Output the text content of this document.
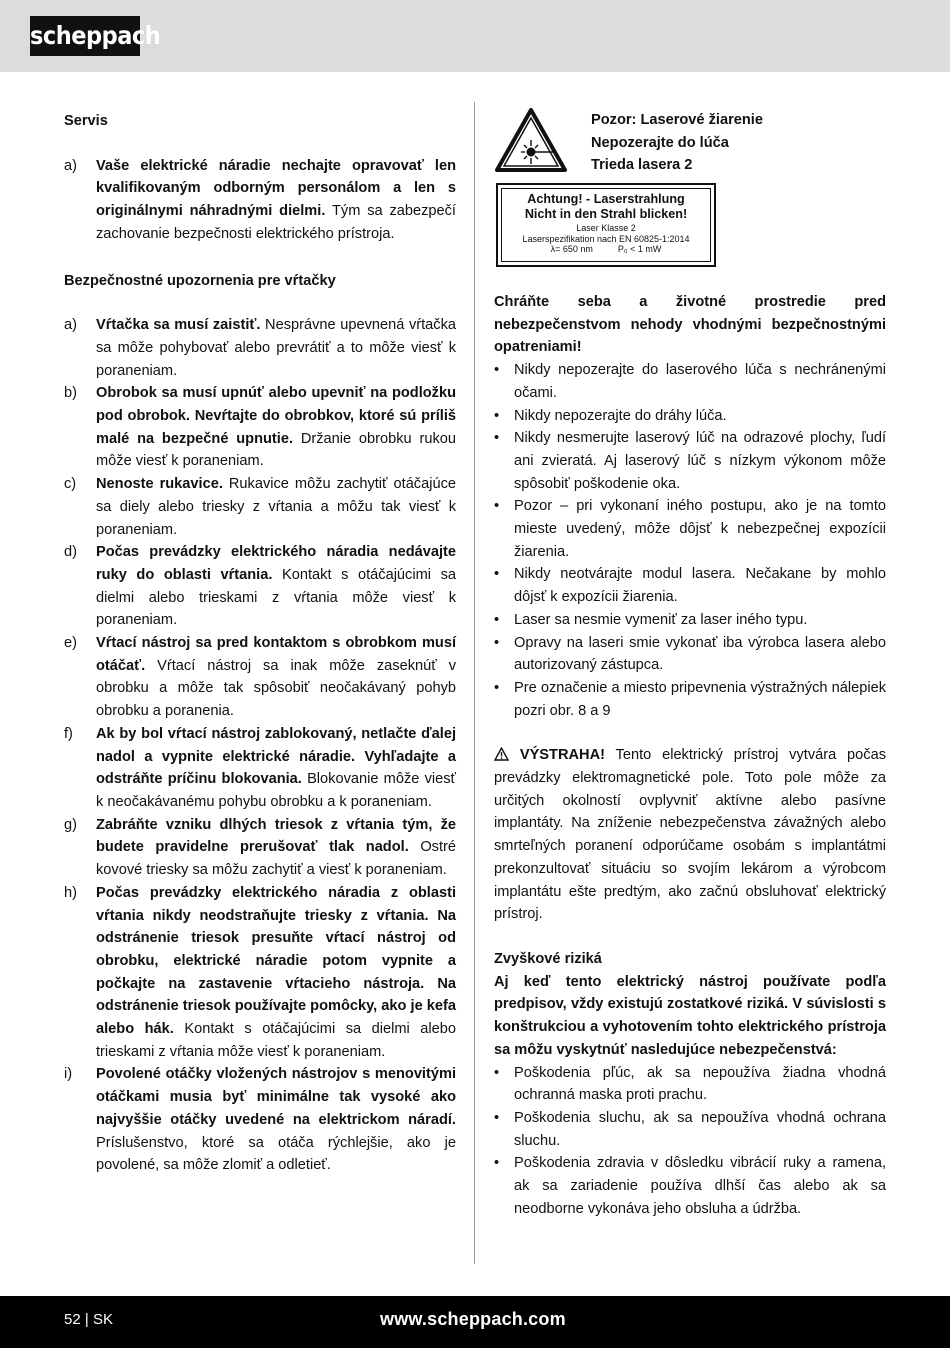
scheppach

Servis

a) Vaše elektrické náradie nechajte opravovať len kvalifikovaným odborným personálom a len s originálnymi náhradnými dielmi. Tým sa zabezpečí zachovanie bezpečnosti elektrického prístroja.

Bezpečnostné upozornenia pre vŕtačky

a) Vŕtačka sa musí zaistiť. Nesprávne upevnená vŕtačka sa môže pohybovať alebo prevrátiť a to môže viesť k poraneniam.
b) Obrobok sa musí upnúť alebo upevniť na podložku pod obrobok. Nevŕtajte do obrobkov, ktoré sú príliš malé na bezpečné upnutie. Držanie obrobku rukou môže viesť k poraneniam.
c) Nenoste rukavice. Rukavice môžu zachytiť otáčajúce sa diely alebo triesky z vŕtania a môžu tak viesť k poraneniam.
d) Počas prevádzky elektrického náradia nedávajte ruky do oblasti vŕtania. Kontakt s otáčajúcimi sa dielmi alebo trieskami z vŕtania môže viesť k poraneniam.
e) Vŕtací nástroj sa pred kontaktom s obrobkom musí otáčať. Vŕtací nástroj sa inak môže zaseknúť v obrobku a môže tak spôsobiť neočakávaný pohyb obrobku a poranenia.
f) Ak by bol vŕtací nástroj zablokovaný, netlačte ďalej nadol a vypnite elektrické náradie. Vyhľadajte a odstráňte príčinu blokovania. Blokovanie môže viesť k neočakávanému pohybu obrobku a k poraneniam.
g) Zabráňte vzniku dlhých triesok z vŕtania tým, že budete pravidelne prerušovať tlak nadol. Ostré kovové triesky sa môžu zachytiť a viesť k poraneniam.
h) Počas prevádzky elektrického náradia z oblasti vŕtania nikdy neodstraňujte triesky z vŕtania. Na odstránenie triesok presuňte vŕtací nástroj od obrobku, elektrické náradie potom vypnite a počkajte na zastavenie vŕtacieho nástroja. Na odstránenie triesok používajte pomôcky, ako je kefa alebo hák. Kontakt s otáčajúcimi sa dielmi alebo trieskami z vŕtania môže viesť k poraneniam.
i) Povolené otáčky vložených nástrojov s menovitými otáčkami musia byť minimálne tak vysoké ako najvyššie otáčky uvedené na elektrickom náradí. Príslušenstvo, ktoré sa otáča rýchlejšie, ako je povolené, sa môže zlomiť a odletieť.
Pozor: Laserové žiarenie
Nepozerajte do lúča
Trieda lasera 2
Achtung! - Laserstrahlung
Nicht in den Strahl blicken!
Laser Klasse 2
Laserspezifikation nach EN 60825-1:2014
λ= 650 nm          P₀ < 1 mW

Chráňte seba a životné prostredie pred nebezpečenstvom nehody vhodnými bezpečnostnými opatreniami!

• Nikdy nepozerajte do laserového lúča s nechránenými očami.
• Nikdy nepozerajte do dráhy lúča.
• Nikdy nesmerujte laserový lúč na odrazové plochy, ľudí ani zvieratá. Aj laserový lúč s nízkym výkonom môže spôsobiť poškodenie oka.
• Pozor – pri vykonaní iného postupu, ako je na tomto mieste uvedený, môže dôjsť k nebezpečnej expozícii žiarenia.
• Nikdy neotvárajte modul lasera. Nečakane by mohlo dôjsť k expozícii žiarenia.
• Laser sa nesmie vymeniť za laser iného typu.
• Opravy na laseri smie vykonať iba výrobca lasera alebo autorizovaný zástupca.
• Pre označenie a miesto pripevnenia výstražných nálepiek pozri obr. 8 a 9

VÝSTRAHA! Tento elektrický prístroj vytvára počas prevádzky elektromagnetické pole. Toto pole môže za určitých okolností ovplyvniť aktívne alebo pasívne implantáty. Na zníženie nebezpečenstva závažných alebo smrteľných poranení odporúčame osobám s implantátmi prekonzultovať situáciu so svojím lekárom a výrobcom implantátu ešte predtým, ako začnú obsluhovať elektrický prístroj.

Zvyškové riziká

Aj keď tento elektrický nástroj používate podľa predpisov, vždy existujú zostatkové riziká. V súvislosti s konštrukciou a vyhotovením tohto elektrického prístroja sa môžu vyskytnúť nasledujúce nebezpečenstvá:

• Poškodenia pľúc, ak sa nepoužíva žiadna vhodná ochranná maska proti prachu.
• Poškodenia sluchu, ak sa nepoužíva vhodná ochrana sluchu.
• Poškodenia zdravia v dôsledku vibrácií ruky a ramena, ak sa zariadenie používa dlhší čas alebo ak sa neodborne vykonáva jeho obsluha a údržba.
52 | SK	www.scheppach.com
